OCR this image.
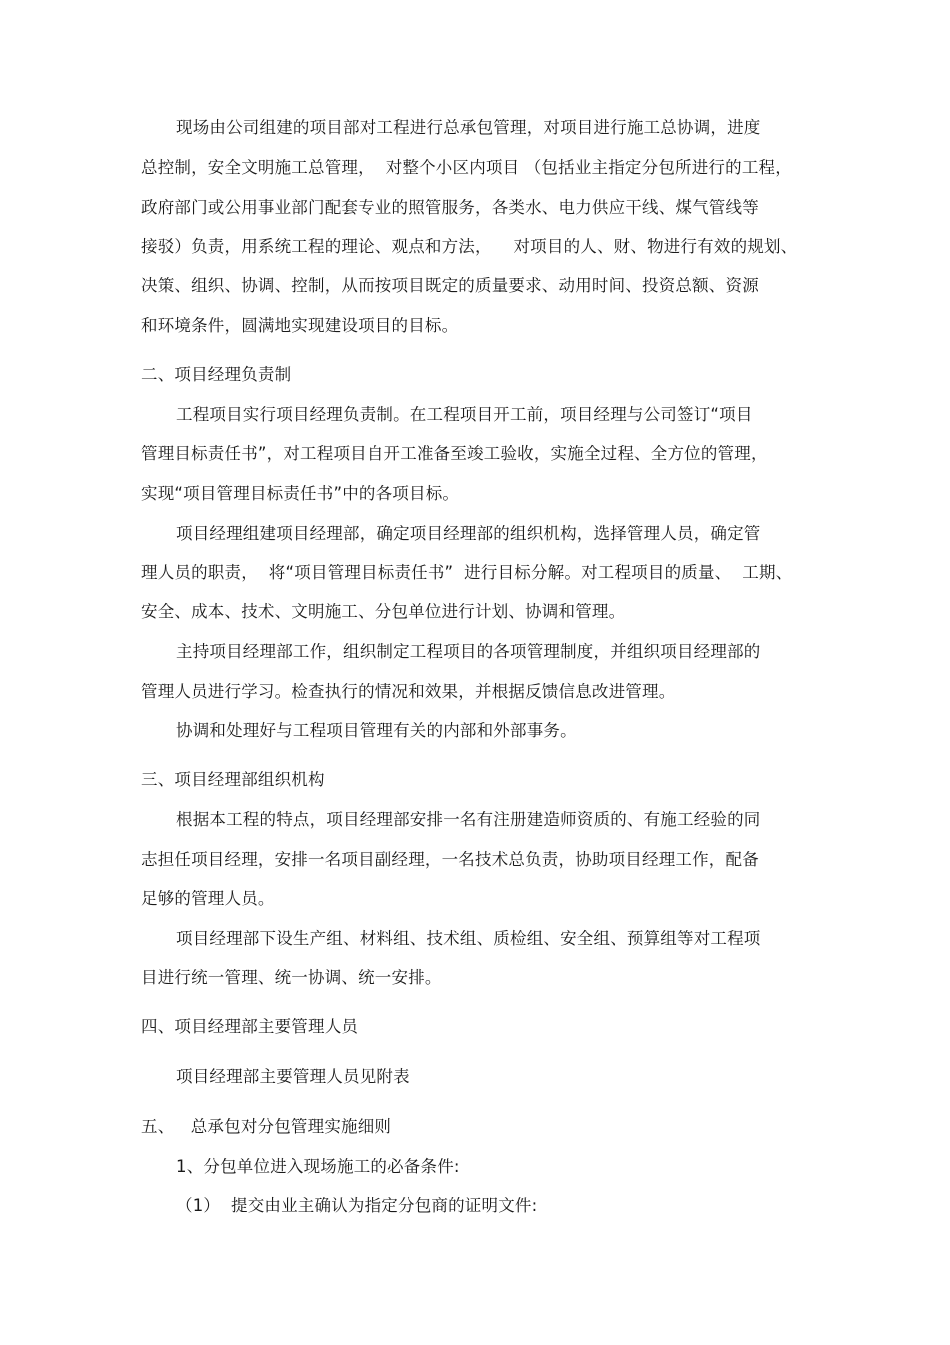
现场由公司组建的项目部对工程进行总承包管理，对项目进行施工总协调，进度
总控制，安全文明施工总管理，  对整个小区内项目 （包括业主指定分包所进行的工程，
政府部门或公用事业部门配套专业的照管服务，各类水、电力供应干线、煤气管线等
接驳）负责，用系统工程的理论、观点和方法，    对项目的人、财、物进行有效的规划、
决策、组织、协调、控制，从而按项目既定的质量要求、动用时间、投资总额、资源
和环境条件，圆满地实现建设项目的目标。
二、项目经理负责制
工程项目实行项目经理负责制。在工程项目开工前，项目经理与公司签订“项目
管理目标责任书”，对工程项目自开工准备至竣工验收，实施全过程、全方位的管理，
实现“项目管理目标责任书”中的各项目标。
项目经理组建项目经理部，确定项目经理部的组织机构，选择管理人员，确定管
理人员的职责，  将“项目管理目标责任书”  进行目标分解。对工程项目的质量、  工期、
安全、成本、技术、文明施工、分包单位进行计划、协调和管理。
主持项目经理部工作，组织制定工程项目的各项管理制度，并组织项目经理部的
管理人员进行学习。检查执行的情况和效果，并根据反馈信息改进管理。
协调和处理好与工程项目管理有关的内部和外部事务。
三、项目经理部组织机构
根据本工程的特点，项目经理部安排一名有注册建造师资质的、有施工经验的同
志担任项目经理，安排一名项目副经理，一名技术总负责，协助项目经理工作，配备
足够的管理人员。
项目经理部下设生产组、材料组、技术组、质检组、安全组、预算组等对工程项
目进行统一管理、统一协调、统一安排。
四、项目经理部主要管理人员
项目经理部主要管理人员见附表
五、   总承包对分包管理实施细则
1、分包单位进入现场施工的必备条件:
（1）  提交由业主确认为指定分包商的证明文件:
